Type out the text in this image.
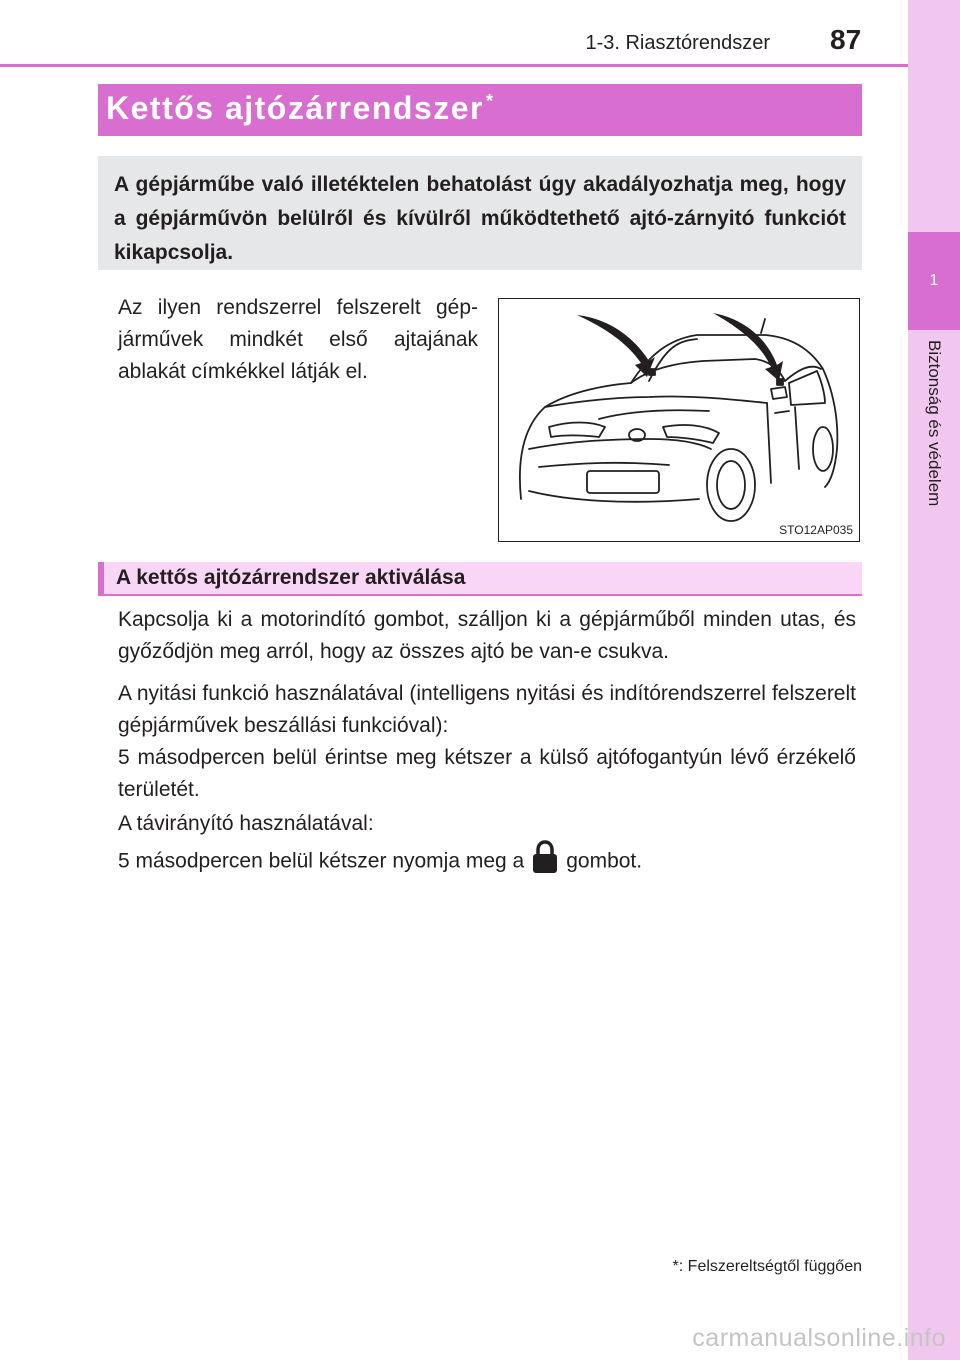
1
Biztonság és védelem
1-3. Riasztórendszer 87
Kettős ajtózárrendszer *

A gépjárműbe való illetéktelen behatolást úgy akadályozhatja meg, hogy a gépjárművön belülről és kívülről működtethető ajtó-zárnyitó funkciót kikapcsolja.

Az ilyen rendszerrel felszerelt gép-járművek mindkét első ajtajának ablakát címkékkel látják el.

STO12AP035
A kettős ajtózárrendszer aktiválása

Kapcsolja ki a motorindító gombot, szálljon ki a gépjárműből minden utas, és győződjön meg arról, hogy az összes ajtó be van-e csukva.

A nyitási funkció használatával (intelligens nyitási és indítórendszerrel felszerelt gépjárművek beszállási funkcióval):
5 másodpercen belül érintse meg kétszer a külső ajtófogantyún lévő érzékelő területét.
A távirányító használatával:
5 másodpercen belül kétszer nyomja meg a gombot.
*: Felszereltségtől függően
carmanualsonline.info
